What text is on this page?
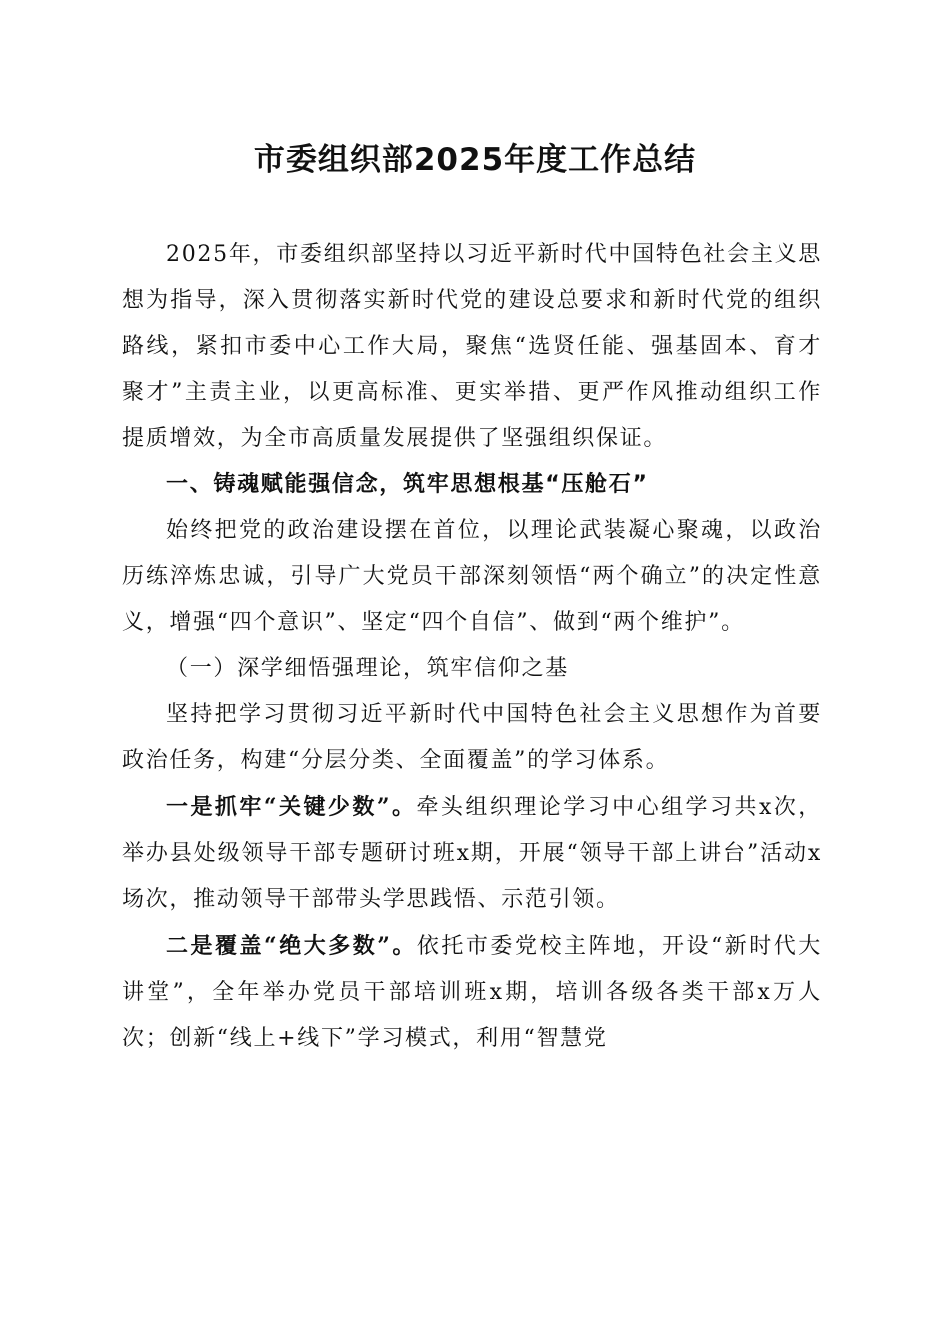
市委组织部2025年度工作总结

2025年，市委组织部坚持以习近平新时代中国特色社会主义思想为指导，深入贯彻落实新时代党的建设总要求和新时代党的组织路线，紧扣市委中心工作大局，聚焦“选贤任能、强基固本、育才聚才”主责主业，以更高标准、更实举措、更严作风推动组织工作提质增效，为全市高质量发展提供了坚强组织保证。

一、铸魂赋能强信念，筑牢思想根基“压舱石”

始终把党的政治建设摆在首位，以理论武装凝心聚魂，以政治历练淬炼忠诚，引导广大党员干部深刻领悟“两个确立”的决定性意义，增强“四个意识”、坚定“四个自信”、做到“两个维护”。

（一）深学细悟强理论，筑牢信仰之基

坚持把学习贯彻习近平新时代中国特色社会主义思想作为首要政治任务，构建“分层分类、全面覆盖”的学习体系。

一是抓牢“关键少数”。牵头组织理论学习中心组学习共x次，举办县处级领导干部专题研讨班x期，开展“领导干部上讲台”活动x场次，推动领导干部带头学思践悟、示范引领。

二是覆盖“绝大多数”。依托市委党校主阵地，开设“新时代大讲堂”，全年举办党员干部培训班x期，培训各级各类干部x万人次；创新“线上+线下”学习模式，利用“智慧党
